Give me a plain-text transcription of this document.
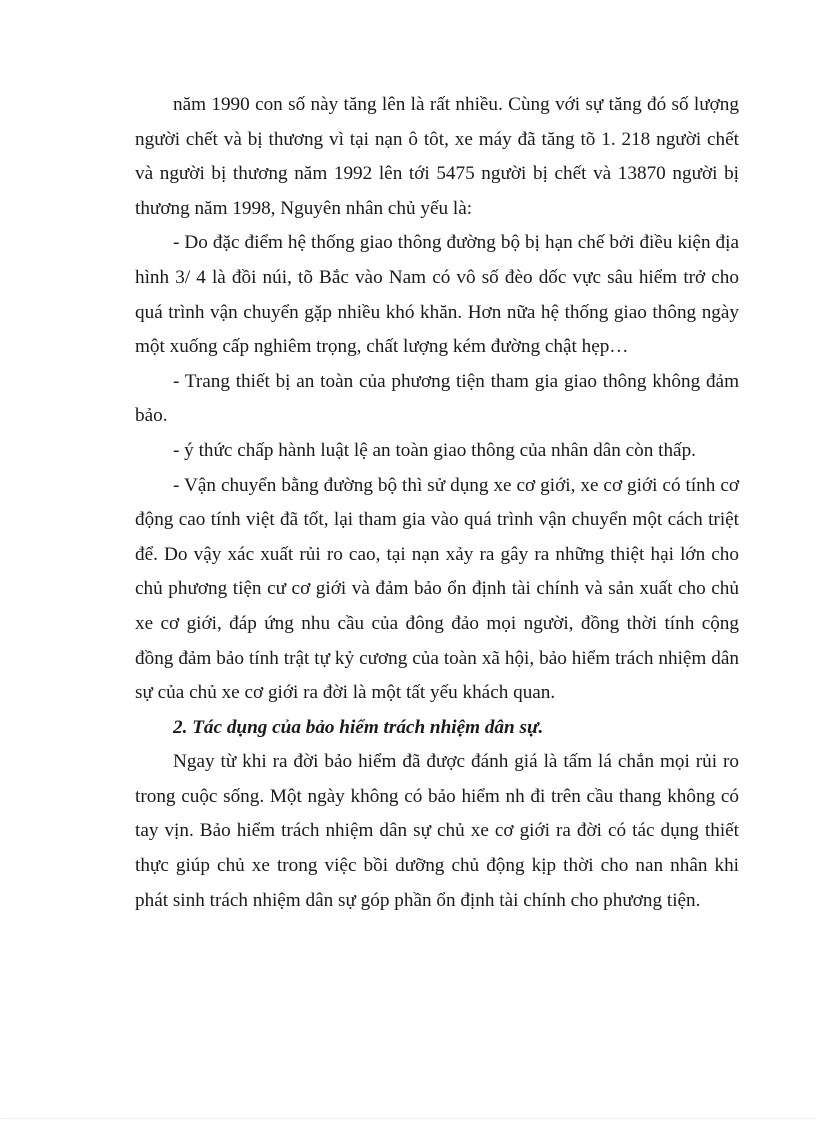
năm 1990 con số này tăng lên là rất nhiều. Cùng với sự tăng đó số lượng người chết và bị thương vì tại nạn ô tôt, xe máy đã tăng tõ 1. 218 người chết và người bị thương năm 1992 lên tới 5475 người bị chết và 13870 người bị thương năm 1998, Nguyên nhân chủ yếu là:

- Do đặc điểm hệ thống giao thông đường bộ bị hạn chế bởi điều kiện địa hình 3/ 4 là đồi núi, tõ Bắc vào Nam có vô số đèo dốc vực sâu hiểm trở cho quá trình vận chuyển gặp nhiều khó khăn. Hơn nữa hệ thống giao thông ngày một xuống cấp nghiêm trọng, chất lượng kém đường chật hẹp…

- Trang thiết bị an toàn của phương tiện tham gia giao thông không đảm bảo.

- ý thức chấp hành luật lệ an toàn giao thông của nhân dân còn thấp.

- Vận chuyển bằng đường bộ thì sử dụng xe cơ giới, xe cơ giới có tính cơ động cao tính việt đã tốt, lại tham gia vào quá trình vận chuyển một cách triệt để. Do vậy xác xuất rủi ro cao, tại nạn xảy ra gây ra những thiệt hại lớn cho chủ phương tiện cư cơ giới và đảm bảo ổn định tài chính và sản xuất cho chủ xe cơ giới, đáp ứng nhu cầu của đông đảo mọi người, đồng thời tính cộng đồng đảm bảo tính trật tự kỷ cương của toàn xã hội, bảo hiểm trách nhiệm dân sự của chủ xe cơ giới ra đời là một tất yếu khách quan.

2. Tác dụng của bảo hiểm trách nhiệm dân sự.

Ngay từ khi ra đời bảo hiểm đã được đánh giá là tấm lá chắn mọi rủi ro trong cuộc sống. Một ngày không có bảo hiểm nh đi trên cầu thang không có tay vịn. Bảo hiểm trách nhiệm dân sự chủ xe cơ giới ra đời có tác dụng thiết thực giúp chủ xe trong việc bồi dưỡng chủ động kịp thời cho nan nhân khi phát sinh trách nhiệm dân sự góp phần ổn định tài chính cho phương tiện.
